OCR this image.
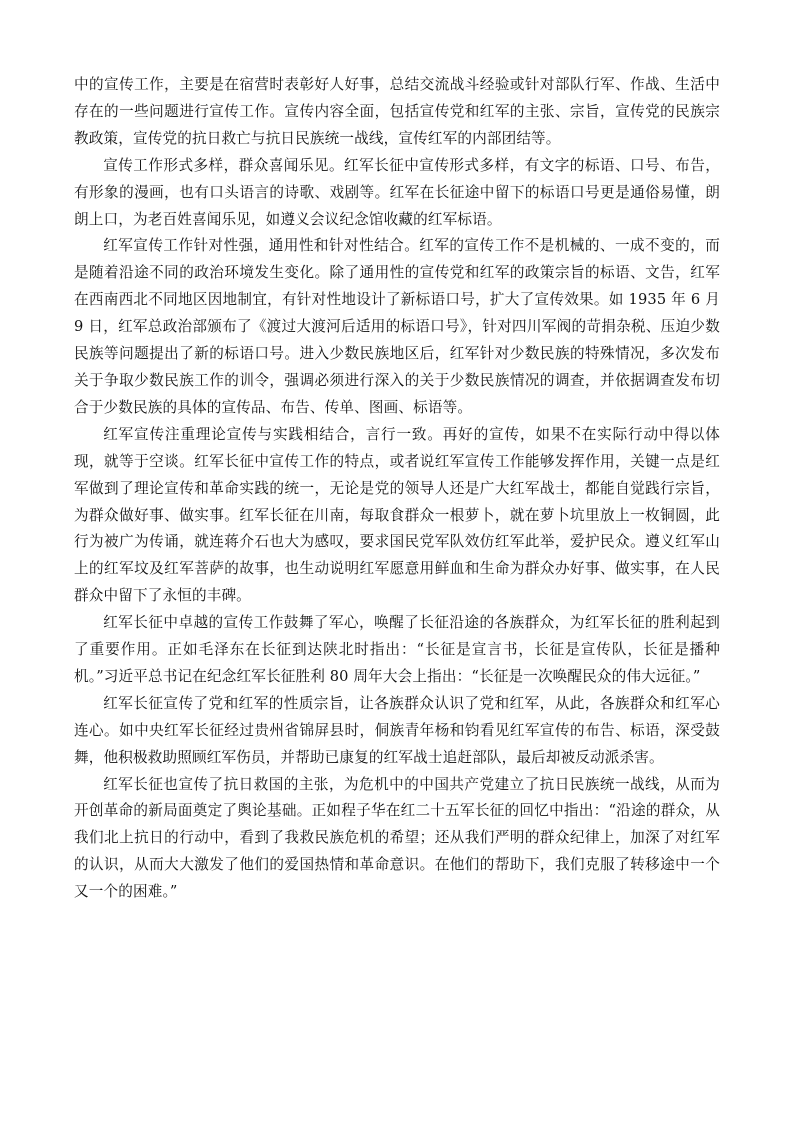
中的宣传工作，主要是在宿营时表彰好人好事，总结交流战斗经验或针对部队行军、作战、生活中存在的一些问题进行宣传工作。宣传内容全面，包括宣传党和红军的主张、宗旨，宣传党的民族宗教政策，宣传党的抗日救亡与抗日民族统一战线，宣传红军的内部团结等。

宣传工作形式多样，群众喜闻乐见。红军长征中宣传形式多样，有文字的标语、口号、布告，有形象的漫画，也有口头语言的诗歌、戏剧等。红军在长征途中留下的标语口号更是通俗易懂，朗朗上口，为老百姓喜闻乐见，如遵义会议纪念馆收藏的红军标语。

红军宣传工作针对性强，通用性和针对性结合。红军的宣传工作不是机械的、一成不变的，而是随着沿途不同的政治环境发生变化。除了通用性的宣传党和红军的政策宗旨的标语、文告，红军在西南西北不同地区因地制宜，有针对性地设计了新标语口号，扩大了宣传效果。如 1935 年 6 月 9 日，红军总政治部颁布了《渡过大渡河后适用的标语口号》，针对四川军阀的苛捐杂税、压迫少数民族等问题提出了新的标语口号。进入少数民族地区后，红军针对少数民族的特殊情况，多次发布关于争取少数民族工作的训令，强调必须进行深入的关于少数民族情况的调查，并依据调查发布切合于少数民族的具体的宣传品、布告、传单、图画、标语等。

红军宣传注重理论宣传与实践相结合，言行一致。再好的宣传，如果不在实际行动中得以体现，就等于空谈。红军长征中宣传工作的特点，或者说红军宣传工作能够发挥作用，关键一点是红军做到了理论宣传和革命实践的统一，无论是党的领导人还是广大红军战士，都能自觉践行宗旨，为群众做好事、做实事。红军长征在川南，每取食群众一根萝卜，就在萝卜坑里放上一枚铜圆，此行为被广为传诵，就连蒋介石也大为感叹，要求国民党军队效仿红军此举，爱护民众。遵义红军山上的红军坟及红军菩萨的故事，也生动说明红军愿意用鲜血和生命为群众办好事、做实事，在人民群众中留下了永恒的丰碑。

红军长征中卓越的宣传工作鼓舞了军心，唤醒了长征沿途的各族群众，为红军长征的胜利起到了重要作用。正如毛泽东在长征到达陕北时指出：“长征是宣言书，长征是宣传队，长征是播种机。”习近平总书记在纪念红军长征胜利 80 周年大会上指出：“长征是一次唤醒民众的伟大远征。”

红军长征宣传了党和红军的性质宗旨，让各族群众认识了党和红军，从此，各族群众和红军心连心。如中央红军长征经过贵州省锦屏县时，侗族青年杨和钧看见红军宣传的布告、标语，深受鼓舞，他积极救助照顾红军伤员，并帮助已康复的红军战士追赶部队，最后却被反动派杀害。

红军长征也宣传了抗日救国的主张，为危机中的中国共产党建立了抗日民族统一战线，从而为开创革命的新局面奠定了舆论基础。正如程子华在红二十五军长征的回忆中指出：“沿途的群众，从我们北上抗日的行动中，看到了我救民族危机的希望；还从我们严明的群众纪律上，加深了对红军的认识，从而大大激发了他们的爱国热情和革命意识。在他们的帮助下，我们克服了转移途中一个又一个的困难。”
